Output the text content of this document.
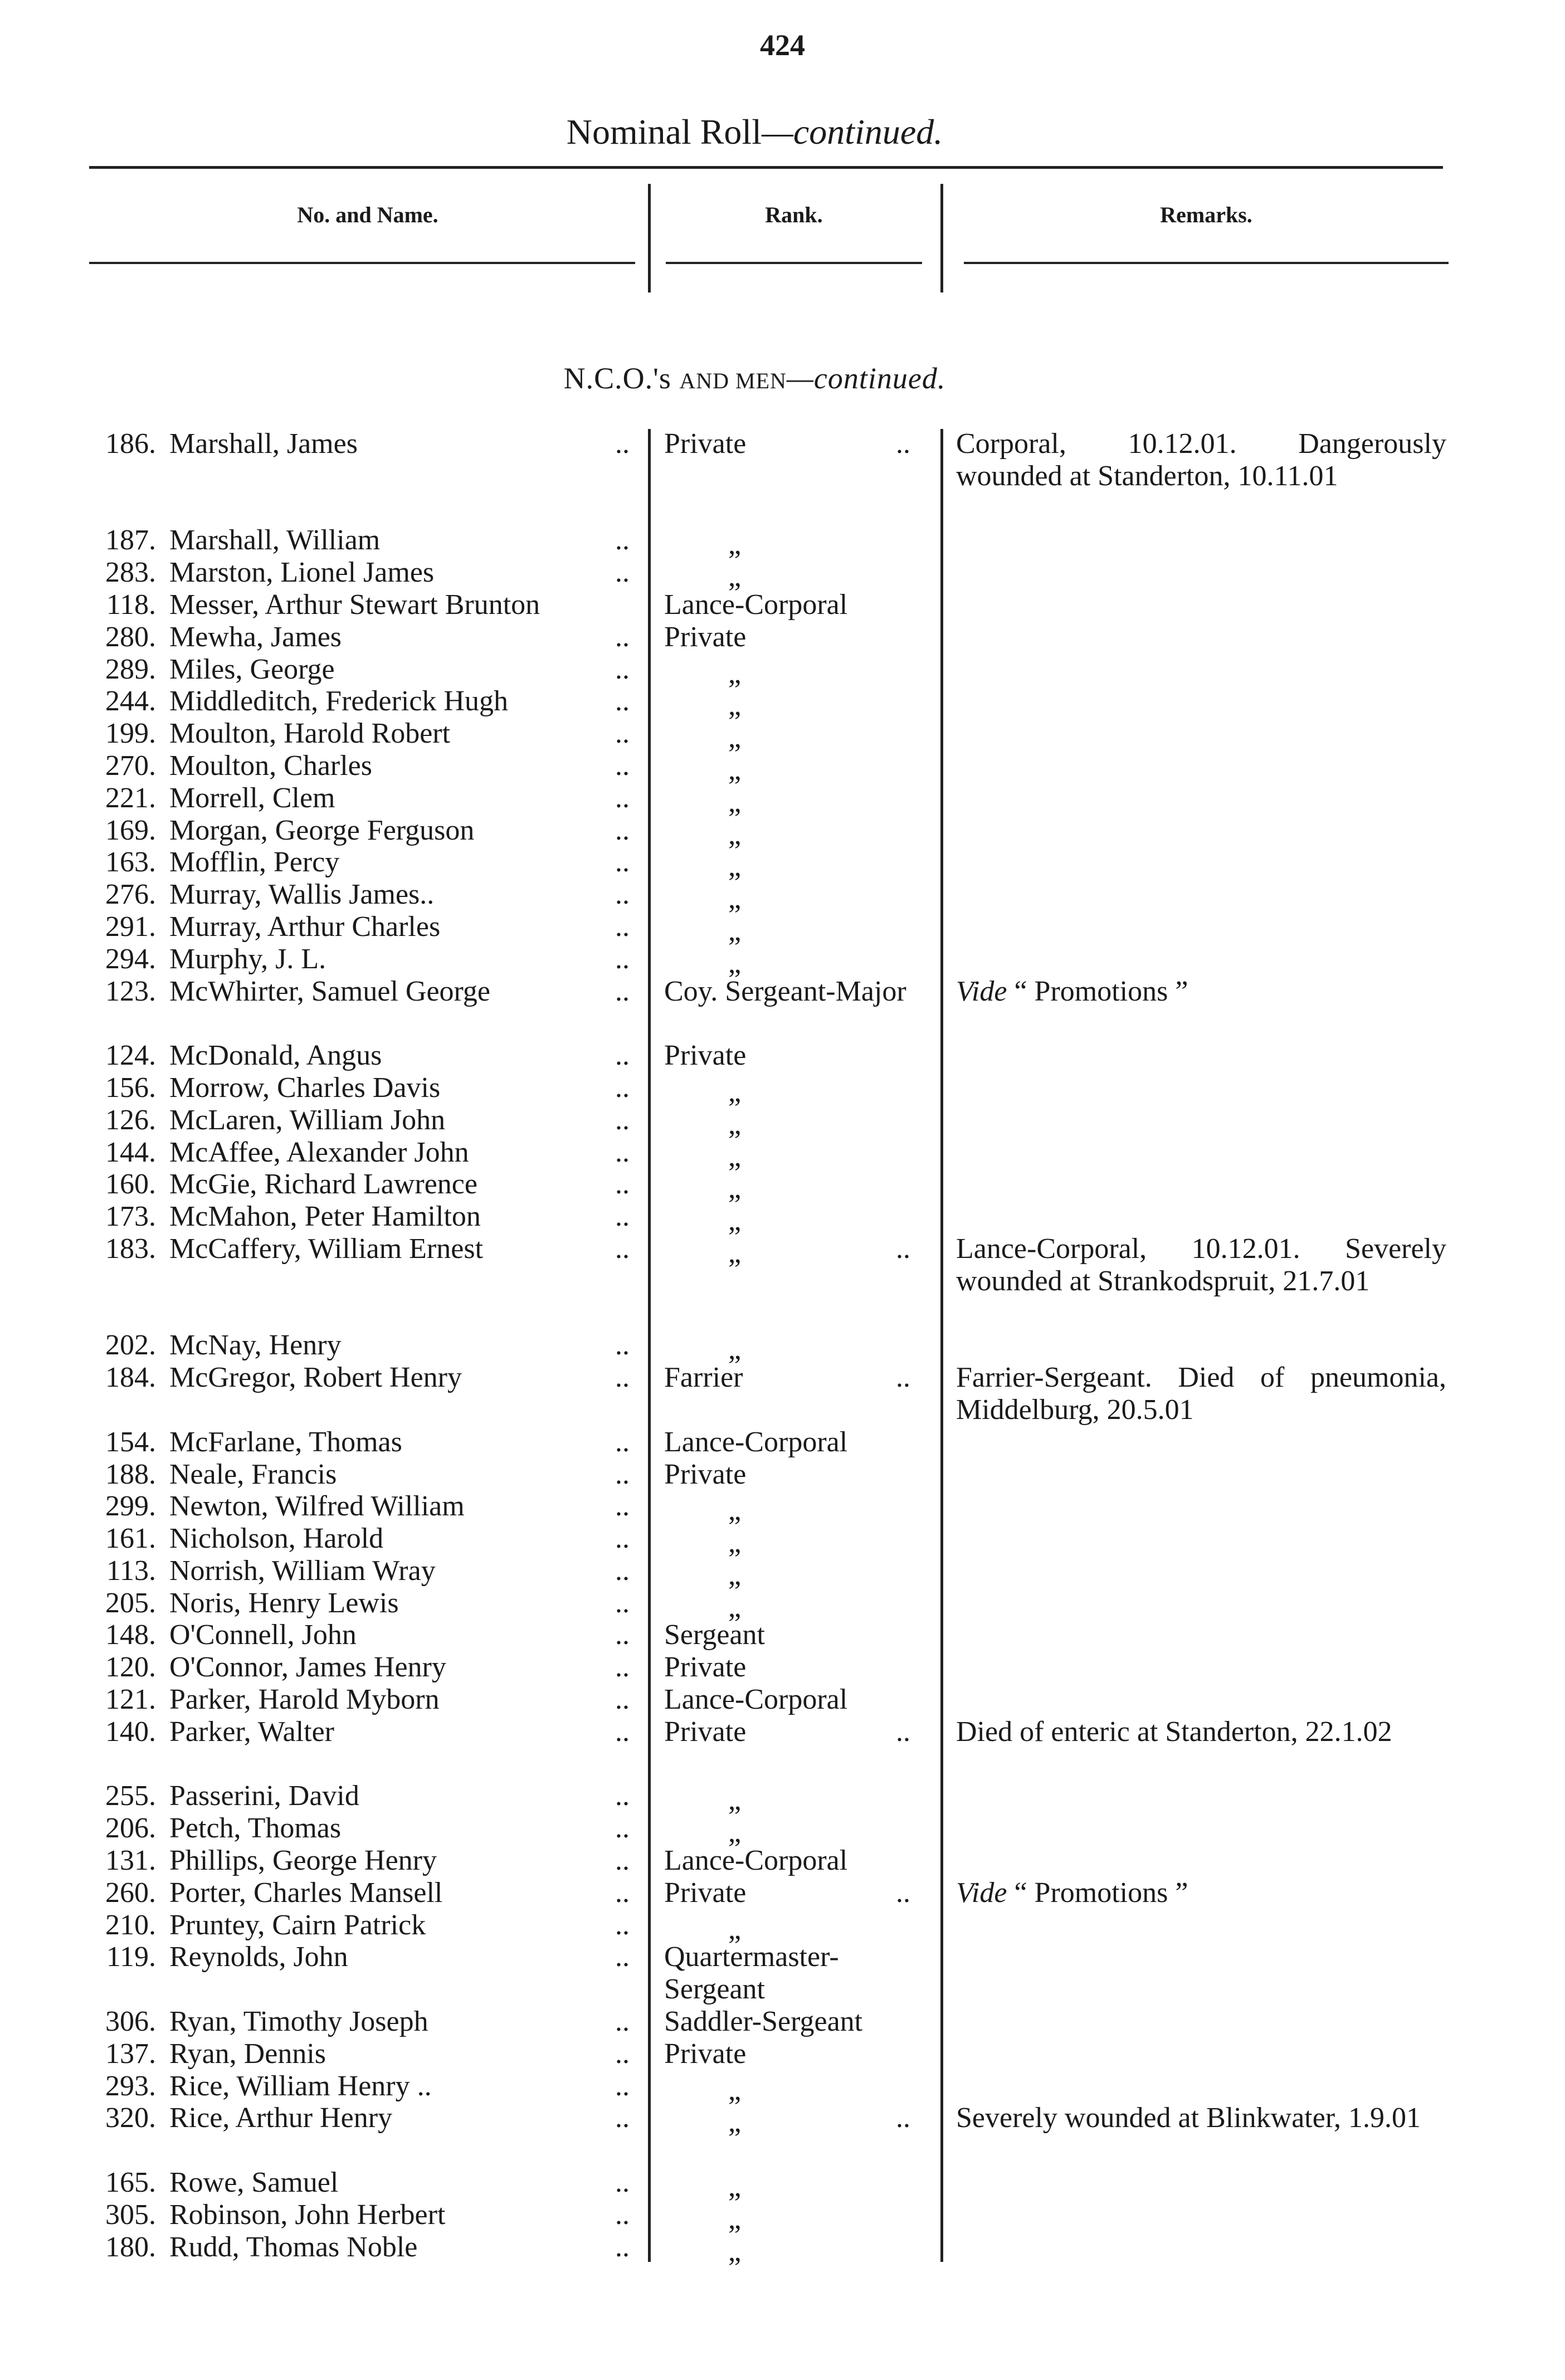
424
Nominal Roll—continued.
No. and Name.	Rank.	Remarks.
N.C.O.'s AND MEN—continued.
186. Marshall, James	.. Private	..	Corporal, 10.12.01. Dangerously wounded at Standerton, 10.11.01
187. Marshall, William	..	„
283. Marston, Lionel James	..	„
118. Messer, Arthur Stewart Brunton	Lance-Corporal
280. Mewha, James	.. Private
289. Miles, George	..	„
244. Middleditch, Frederick Hugh	..	„
199. Moulton, Harold Robert	..	„
270. Moulton, Charles	..	„
221. Morrell, Clem	..	„
169. Morgan, George Ferguson	..	„
163. Mofflin, Percy	..	„
276. Murray, Wallis James..	..	„
291. Murray, Arthur Charles	..	„
294. Murphy, J. L.	..	„
123. McWhirter, Samuel George	.. Coy. Sergeant-Major	Vide “ Promotions ”
124. McDonald, Angus	.. Private
156. Morrow, Charles Davis	..	„
126. McLaren, William John	..	„
144. McAffee, Alexander John	..	„
160. McGie, Richard Lawrence	..	„
173. McMahon, Peter Hamilton	..	„
183. McCaffery, William Ernest	..	„	..	Lance-Corporal, 10.12.01. Severely wounded at Strankodspruit, 21.7.01
202. McNay, Henry	..	„
184. McGregor, Robert Henry	.. Farrier	..	Farrier-Sergeant. Died of pneumonia, Middelburg, 20.5.01
154. McFarlane, Thomas	.. Lance-Corporal
188. Neale, Francis	.. Private
299. Newton, Wilfred William	..	„
161. Nicholson, Harold	..	„
113. Norrish, William Wray	..	„
205. Noris, Henry Lewis	..	„
148. O'Connell, John	.. Sergeant
120. O'Connor, James Henry	.. Private
121. Parker, Harold Myborn	.. Lance-Corporal
140. Parker, Walter	.. Private	..	Died of enteric at Standerton, 22.1.02
255. Passerini, David	..	„
206. Petch, Thomas	..	„
131. Phillips, George Henry	.. Lance-Corporal
260. Porter, Charles Mansell	.. Private	..	Vide “ Promotions ”
210. Pruntey, Cairn Patrick	..	„
119. Reynolds, John	.. Quartermaster-Sergeant
306. Ryan, Timothy Joseph	.. Saddler-Sergeant
137. Ryan, Dennis	.. Private
293. Rice, William Henry ..	..	„
320. Rice, Arthur Henry	..	„	..	Severely wounded at Blinkwater, 1.9.01
165. Rowe, Samuel	..	„
305. Robinson, John Herbert	..	„
180. Rudd, Thomas Noble	..	„
